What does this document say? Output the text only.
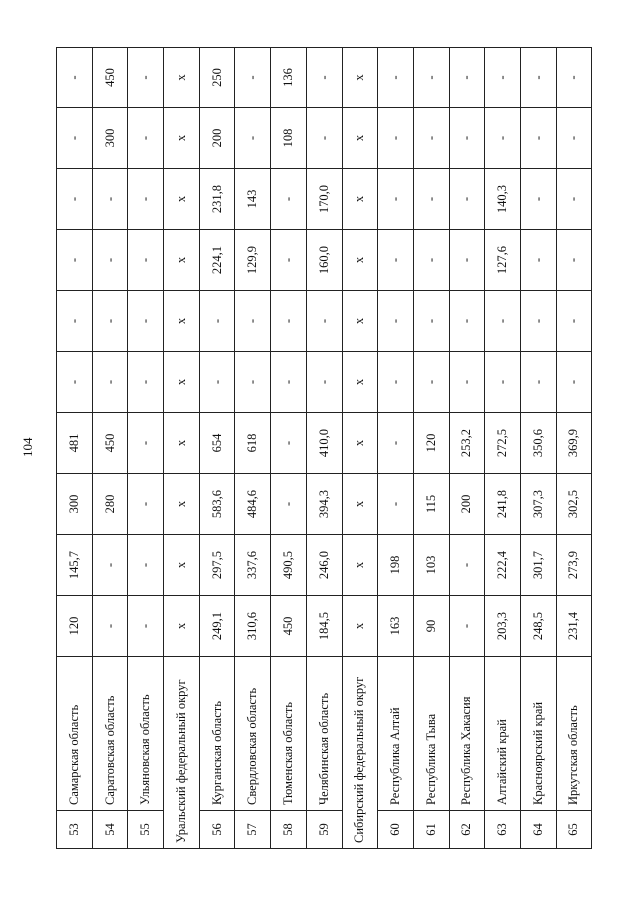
104
53	Самарская область	120	145,7	300	481	-	-	-	-	-	-
54	Саратовская область	-	-	280	450	-	-	-	-	300	450
55	Ульяновская область	-	-	-	-	-	-	-	-	-	-
Уральский федеральный округ		х	х	х	х	х	х	х	х	х	х
56	Курганская область	249,1	297,5	583,6	654	-	-	224,1	231,8	200	250
57	Свердловская область	310,6	337,6	484,6	618	-	-	129,9	143	-	-
58	Тюменская область	450	490,5	-	-	-	-	-	-	108	136
59	Челябинская область	184,5	246,0	394,3	410,0	-	-	160,0	170,0	-	-
Сибирский федеральный округ		х	х	х	х	х	х	х	х	х	х
60	Республика Алтай	163	198	-	-	-	-	-	-	-	-
61	Республика Тыва	90	103	115	120	-	-	-	-	-	-
62	Республика Хакасия	-	-	200	253,2	-	-	-	-	-	-
63	Алтайский край	203,3	222,4	241,8	272,5	-	-	127,6	140,3	-	-
64	Красноярский край	248,5	301,7	307,3	350,6	-	-	-	-	-	-
65	Иркутская область	231,4	273,9	302,5	369,9	-	-	-	-	-	-
